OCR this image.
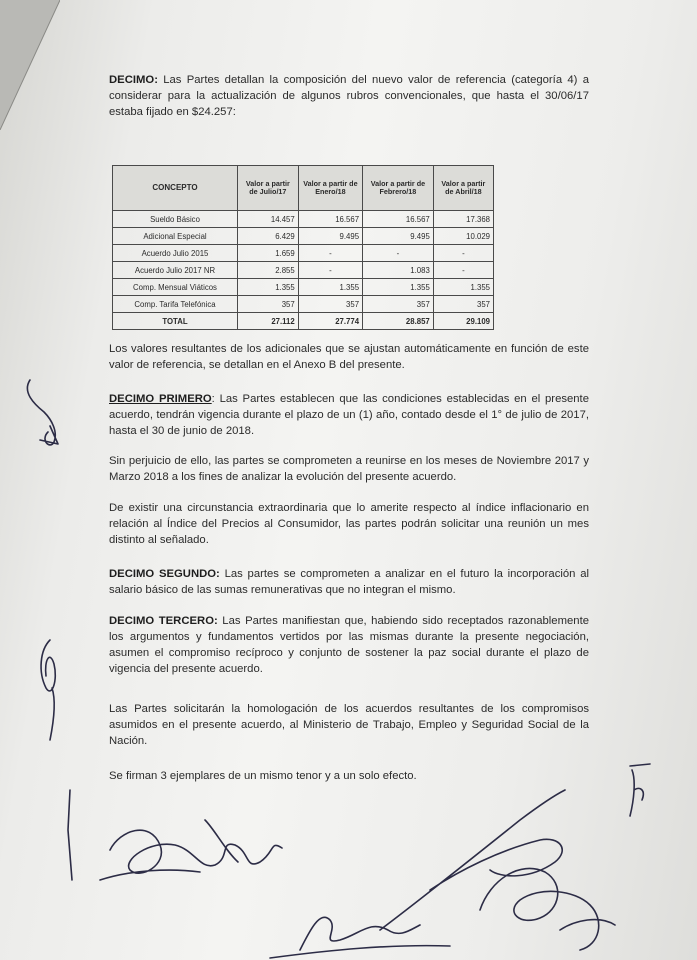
DECIMO: Las Partes detallan la composición del nuevo valor de referencia (categoría 4) a considerar para la actualización de algunos rubros convencionales, que hasta el 30/06/17 estaba fijado en $24.257:
CONCEPTO	Valor a partir de Julio/17	Valor a partir de Enero/18	Valor a partir de Febrero/18	Valor a partir de Abril/18
Sueldo Básico	14.457	16.567	16.567	17.368
Adicional Especial	6.429	9.495	9.495	10.029
Acuerdo Julio 2015	1.659	-	-	-
Acuerdo Julio 2017 NR	2.855	-	1.083	-
Comp. Mensual Viáticos	1.355	1.355	1.355	1.355
Comp. Tarifa Telefónica	357	357	357	357
TOTAL	27.112	27.774	28.857	29.109
Los valores resultantes de los adicionales que se ajustan automáticamente en función de este valor de referencia, se detallan en el Anexo B del presente.
DECIMO PRIMERO: Las Partes establecen que las condiciones establecidas en el presente acuerdo, tendrán vigencia durante el plazo de un (1) año, contado desde el 1° de julio de 2017, hasta el 30 de junio de 2018.
Sin perjuicio de ello, las partes se comprometen a reunirse en los meses de Noviembre 2017 y Marzo 2018 a los fines de analizar la evolución del presente acuerdo.
De existir una circunstancia extraordinaria que lo amerite respecto al índice inflacionario en relación al Índice del Precios al Consumidor, las partes podrán solicitar una reunión un mes distinto al señalado.
DECIMO SEGUNDO: Las partes se comprometen a analizar en el futuro la incorporación al salario básico de las sumas remunerativas que no integran el mismo.
DECIMO TERCERO: Las Partes manifiestan que, habiendo sido receptados razonablemente los argumentos y fundamentos vertidos por las mismas durante la presente negociación, asumen el compromiso recíproco y conjunto de sostener la paz social durante el plazo de vigencia del presente acuerdo.
Las Partes solicitarán la homologación de los acuerdos resultantes de los compromisos asumidos en el presente acuerdo, al Ministerio de Trabajo, Empleo y Seguridad Social de la Nación.
Se firman 3 ejemplares de un mismo tenor y a un solo efecto.
